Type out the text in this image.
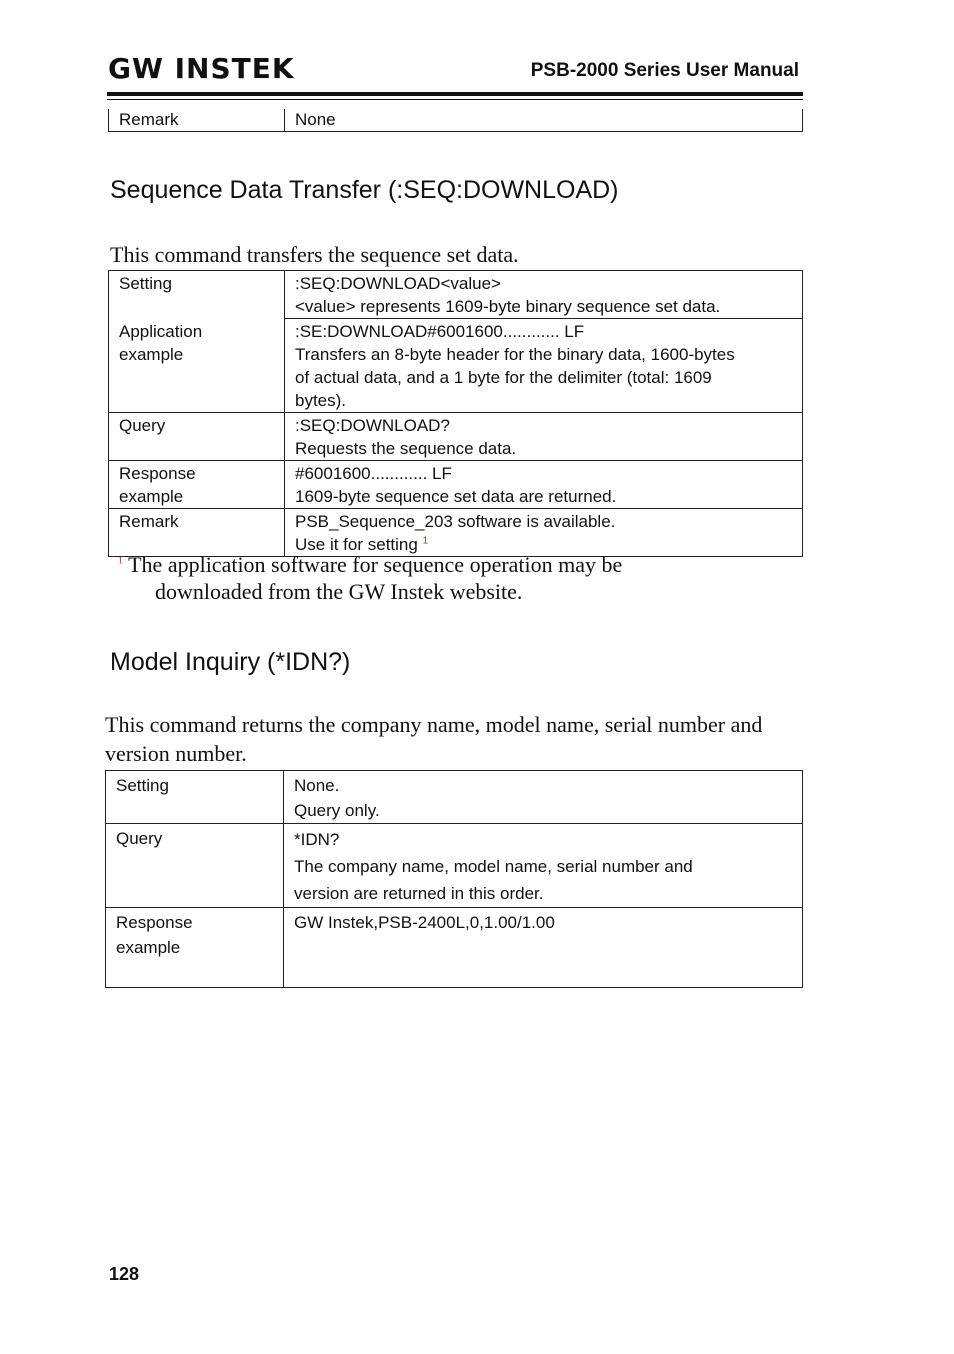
GW INSTEK	PSB-2000 Series User Manual
Remark	None
Sequence Data Transfer (:SEQ:DOWNLOAD)
This command transfers the sequence set data.
Setting	:SEQ:DOWNLOAD<value>
<value> represents 1609-byte binary sequence set data.

Application
example	:SE:DOWNLOAD#6001600............ LF
Transfers an 8-byte header for the binary data, 1600-bytes
of actual data, and a 1 byte for the delimiter (total: 1609
bytes).

Query	:SEQ:DOWNLOAD?
Requests the sequence data.

Response
example	#6001600............ LF
1609-byte sequence set data are returned.

Remark	PSB_Sequence_203 software is available.
Use it for setting $^1$
$^1$ The application software for sequence operation may be
downloaded from the GW Instek website.
Model Inquiry (*IDN?)
This command returns the company name, model name, serial number and version number.
Setting	None.
Query only.

Query	*IDN?
The company name, model name, serial number and
version are returned in this order.

Response
example	GW Instek,PSB-2400L,0,1.00/1.00
128
